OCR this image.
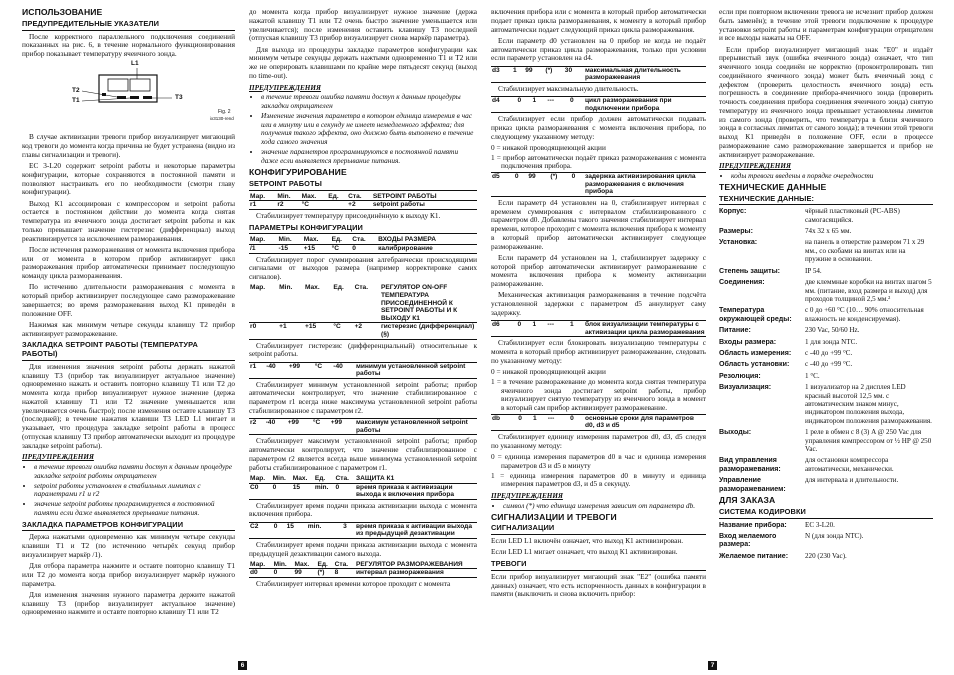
ИСПОЛЬЗОВАНИЕ
ПРЕДУПРЕДИТЕЛЬНЫЕ УКАЗАТЕЛИ

После корректного параллельного подключения соединений показанных на рис. 6, в течение нормального функционирования прибор показывает температуру ячеичного зонда.

L1
T2
T1	T3
Fig. 2
ix3130-rend

В случае активизации тревоги прибор визуализирует мигающий код тревоги до момента когда причина не будет устранена (видно из главы сигнализации и тревоги).

ЕС 3-L20 содержит setpoint работы и некоторые параметры конфигурации, которые сохраняются в постоянной памяти и позволяют настраивать его по необходимости (смотри главу конфигурации).

Выход К1 ассоциирован с компрессором и setpoint работы остается в постоянном действии до момента когда снятая температура из ячеичного зонда достигает setpoint работы и как только превышает значение гистерезис (дифференциал) выход реактивизируется за исключением разморажевания.

После истечения разморажевания от момента включения прибора или от момента в котором прибор активизирует цикл разморажевания прибор автоматически принимает последующую команду цикла разморажевания.

По истечению длительности разморажевания с момента в который прибор активизирует последующее само разморажевание завершается; во время разморажевания выход К1 приведён в положение OFF.

Нажимая как минимум четыре секунды клавишу T2 прибор активизирует разморажевание.

ЗАКЛАДКА SETPOINT РАБОТЫ (ТЕМПЕРАТУРА РАБОТЫ)

Для изменения значения setpoint работы держать нажатой клавишу T3 (прибор так визуализирует актуальное значение) одновременно нажать и оставить повторно клавишу T1 или T2 до момента когда прибор визуализирует нужное значение (держа нажатой клавишу T1 или T2 значение уменьшается или увеличивается очень быстро); после изменения оставте клавишу T3 (последней); в течение нажатия клавиши T3 LED L1 мигает и указывает, что процедура закладке setpoint работы в процесс (отпуская клавишу T3 прибор автоматически выходит из процедуре закладке setpoint работы).

ПРЕДУПРЕЖДЕНИЯ
• в течение тревоги ошибка памяти доступ к данным процедуре закладке setpoint работы отрицателен
• setpoint работы установлен в стабильных лимитах с параметрами r1 и r2
• значение setpoint работы программируется в постоянной памяти если даже выявляется прерывание питания.
ЗАКЛАДКА ПАРАМЕТРОВ КОНФИГУРАЦИИ

Держа нажатыми одновременно как минимум четыре секунды клавиши T1 и T2 (по истечению четырёх секунд прибор визуализирует маркёр /1).

Для отбора параметра нажмите и оставте повторно клавишу T1 или T2 до момента когда прибор визуализирует маркёр нужного параметра.

Для изменения значения нужного параметра держите нажатой клавишу T3 (прибор визуализирует актуальное значение) одновременно нажмите и оставте повторно клавишу T1 или T2

6

до момента когда прибор визуализирует нужное значение (держа нажатой клавишу T1 или T2 очень быстро значение уменьшается или увеличивается); после изменения оставить клавишу T3 последней (отпуская клавишу T3 прибор визуализирует снова маркёр параметра).

Для выхода из процедуры закладке параметров конфигурации как минимум четыре секунды держать нажтыми одновременно T1 и T2 или же не оперировать клавишами по крайне мере пятьдесят секунд (выход по time-out).

ПРЕДУПРЕЖДЕНИЯ
• в течение тревоги ошибка памяти доступ к данным процедуры закладки отрицателен
• Изменение значения параметра в котором единица измерения в час или в минуту или в секунду не имеет немедленного эффекта; для получения такого эффекта, оно должно быть выполнено в течение хода самого значения
• значение параметров программируются в постоянной памяти даже если выявляется прерывание питания.
КОНФИГУРИРОВАНИЕ
SETPOINT РАБОТЫ
Мар.	Min.	Max.	Ед.	Ста.	SETPOINT РАБОТЫ
r1	r2	°C		+2	setpoint работы

Стабилизирует температуру присоединённую к выходу К1.

ПАРАМЕТРЫ КОНФИГУРАЦИИ
Мар.	Min.	Max.	Ед.	Ста.	ВХОДЫ РАЗМЕРА
/1	-15	+15	°C	0	калибрирование

Стабилизирует порог суммирования алгебраически происходящими сигналами от выходов размера (например корректировке самих сигналов).

Мар.	Min.	Max.	Ед.	Ста.	РЕГУЛЯТОР ON-OFF ТЕМПЕРАТУРА ПРИСОЕДИНЕННОЙ К SETPOINT РАБОТЫ И К ВЫХОДУ К1
r0	+1	+15	°C	+2	гистерезис (дифференциал) (§)

Стабилизирует гистерезис (дифференциальный) относительные к setpoint работы.

r1	-40	+99	°C	-40	минимум установленной setpoint работы

Стабилизирует минимум установленной setpoint работы; прибор автоматически контролирует, что значение стабилизированное с параметром r1 всегда ниже максимума установленной setpoint работы стабилизированное с параметром r2.

r2	-40	+99	°C	+99	максимум установленной setpoint работы

Стабилизирует максимум установленной setpoint работы; прибор автоматически контролирует, что значение стабилизированное с параметром r2 является всегда выше минимума установленной setpoint работы стабилизированное с параметром r1.

Мар.	Min.	Max.	Ед.	Ста.	ЗАЩИТА К1
C0	0	15	min.	0	время приказа к активизации выхода к включения прибора

Стабилизирует время подачи приказа активизации выхода с момента включения прибора.

C2	0	15	min.	3	время приказа к активации выхода из предыдущей дезактивации

Стабилизирует время подачи приказа активизации выхода с момента предыдущей дезактивации самого выхода.

Мар.	Min.	Max.	Ед.	Ста.	РЕГУЛЯТОР РАЗМОРАЖЕВАНИЯ
d0	0	99	(*)	8	интервал разморажевания

Стабилизирует интервал времени которое проходит с момента

включения прибора или с момента в который прибор автоматически подает приказ цикла разморажевания, к моменту в который прибор автоматически подает следующий приказ цикла разморажевания.

Если параметр d0 установлен на 0 прибор не когда не подаёт автоматически приказ цикла разморажевания, только при условии если параметр установлен на d4.

d3	1	99	(*)	30	максимальная длительность разморажевания

Стабилизирует максимальную длительность.

d4	0	1	---	0	цикл разморажевания при подключении прибора

Стабилизирует если прибор должен автоматически подавать приказ цикла разморажевания с момента включения прибора, по следующему указанному методу:

0 = никакой проводящиеющей акции
1 = прибор автоматически подаёт приказ разморажевания с момента подключения прибора.
d5	0	99	(*)	0	задержка активизирования цикла разморажевания с включения прибора

Если параметр d4 установлен на 0, стабилизирует интервал с временем суммирования с интервалом стабилизированного с параметром d0. Добавлены такого значения стабилизирует интервал времени, которое проходит с момента включения прибора к моменту в который прибор автоматически активизирует следующее разморажевание.

Если параметр d4 установлен на 1, стабилизирует задержку с которой прибор автоматически активизирует разморажевание с момента включения прибора к моменту активизации разморажевание.

Механическая активизация разморажевания в течение подсчёта установленной задержки с параметром d5 аннулирует саму задержку.

d6	0	1	---	1	блок визуализации температуры с активизации цикла разморажевания

Стабилизирует если блокировать визуализацию температуры с момента в который прибор активизирует разморажевание, следовать по указанному методу:

0 = никакой проводящиеющей акции
1 = в течение разморажевание до момента когда снятая температура ячеичного зонда достигает setpoint работы, прибор визуализирует снятую температуру из ячеичного зонда в момент в который сам прибор активизирует разморажевание.
db	0	1	---	0	основные сроки для параметров d0, d3 и d5

Стабилизирует единицу измерения параметров d0, d3, d5 следуя по указанному методу:

0 = единица измерения параметров d0 в час и единица измерения параметров d3 и d5 в минуту
1 = единица измерения параметров d0 в минуту и единица измерения параметров d3, и d5 в секунду.
ПРЕДУПРЕЖДЕНИЯ
• символ (*) что единица измерения зависит от параметра db.
СИГНАЛИЗАЦИИ И ТРЕВОГИ
СИГНАЛИЗАЦИИ

Если LED L1 включён означает, что выход К1 активизирован.

Если LED L1 мигает означает, что выход К1 активизирован.

ТРЕВОГИ

Если прибор визуализирует мигающий знак "E2" (ошибка памяти данных) означает, что есть испорченность данных в конфигурации в памяти (выключить и снова включить прибор:

7

если при повторном включении тревога не исчезнит прибор должен быть заменён); в течение этой тревоги подключение к процедуре установки setpoint работы и параметрам конфигурации отрицателен и все выходы нажаты на OFF.

Если прибор визуализирует мигающий знак "E0" и издаёт прерывистый звук (ошибка ячеичного зонда) означает, что тип ячеичного зонда соединён не корректно (проконтролировать тип соединённого ячеичного зонда) может быть ячеичный зонд с дефектом (проверить целостность ячеичного зонда) есть погрешность в соединение прибора-ячеичного зонда (проверить точность соединения прибора соединения ячеичного зонда) снятую температуру из ячеичного зонда превышает установлены лимитов из самого зонда (проверить, что температура в близи ячеичного зонда в согласных лимитах от самого зонда); в течении этой тревоги выход К1 приведён в положение OFF, если в процессе разморажевание само разморажевание завершается и прибор не активизирует разморажевание.

ПРЕДУПРЕЖДЕНИЯ
• коды тревоги введены в порядке очередности
ТЕХНИЧЕСКИЕ ДАННЫЕ
ТЕХНИЧЕСКИЕ ДАННЫЕ:
Корпус:	чёрный пластиковый (PC-ABS) самогасящийся.
Размеры:	74x 32 x 65 мм.
Установка:	на панель в отверстие размером 71 x 29 мм., со скобами на винтах или на пружине в основании.
Степень защиты:	IP 54.
Соединения:	две клеммные коробки на винтах шагом 5 мм. (питание, вход размера и выход) для проходов толщиной 2,5 мм.²
Температура окружающей среды:	с 0 до +60 °C (10… 90% относительная влажность не конденсируемая).
Питание:	230 Vac, 50/60 Hz.
Входы размера:	1 для зонда NTC.
Область измерения:	с -40 до +99 °C.
Область установки:	с -40 до +99 °C.
Резолюция:	1 °C.
Визуализация:	1 визуализатор на 2 дисплея LED красный высотой 12,5 мм. с автоматическим знаком минус, индикатором положения выхода, индикатором положения разморажевания.
Выходы:	1 реле в обмен с 8 (3) A @ 250 Vac для управления компрессором от ½ HP @ 250 Vac.
Вид управления разморажевания:	для остановки компрессора автоматически, механически.
Управление разморажеванием:	для интервала и длительности.
ДЛЯ ЗАКАЗА
СИСТЕМА КОДИРОВКИ
Название прибора:	EC 3-L20.
Вход желаемого размера:	N (для зонда NTC).
Желаемое питание:	220 (230 Vac).
